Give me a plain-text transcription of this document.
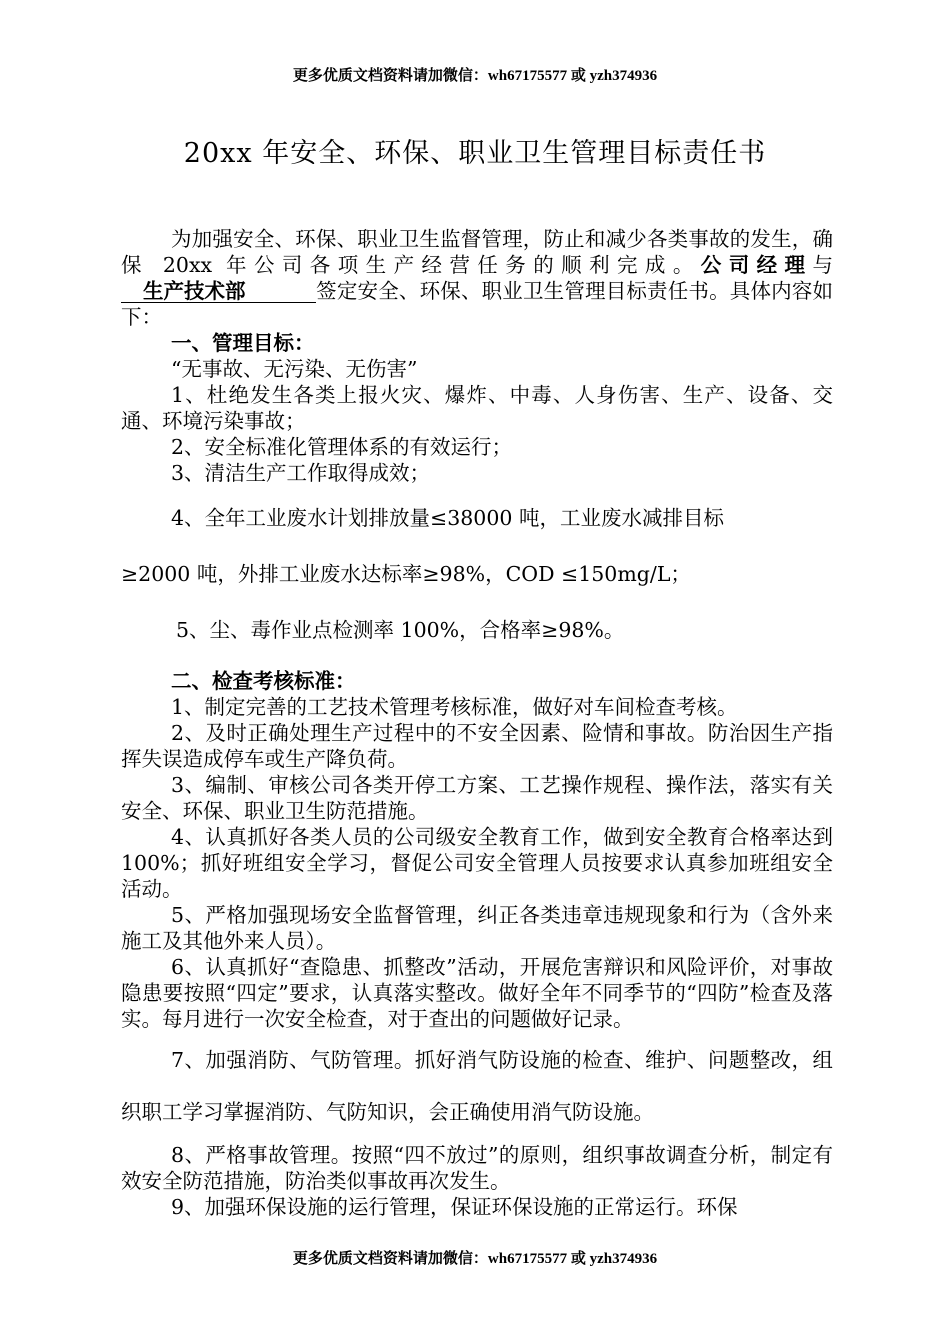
更多优质文档资料请加微信：wh67175577 或 yzh374936
20xx 年安全、环保、职业卫生管理目标责任书

为加强安全、环保、职业卫生监督管理，防止和减少各类事故的发生，确保 20xx 年公司各项生产经营任务的顺利完成。公司经理与生产技术部	签定安全、环保、职业卫生管理目标责任书。具体内容如下：

一、管理目标：

“无事故、无污染、无伤害”

1、杜绝发生各类上报火灾、爆炸、中毒、人身伤害、生产、设备、交通、环境污染事故；

2、安全标准化管理体系的有效运行；

3、清洁生产工作取得成效；

4、全年工业废水计划排放量≤38000 吨，工业废水减排目标

≥2000 吨，外排工业废水达标率≥98%，COD ≤150mg/L；

5、尘、毒作业点检测率 100%，合格率≥98%。

二、检查考核标准：

1、制定完善的工艺技术管理考核标准，做好对车间检查考核。

2、及时正确处理生产过程中的不安全因素、险情和事故。防治因生产指挥失误造成停车或生产降负荷。

3、编制、审核公司各类开停工方案、工艺操作规程、操作法，落实有关安全、环保、职业卫生防范措施。

4、认真抓好各类人员的公司级安全教育工作，做到安全教育合格率达到 100%；抓好班组安全学习，督促公司安全管理人员按要求认真参加班组安全活动。

5、严格加强现场安全监督管理，纠正各类违章违规现象和行为（含外来施工及其他外来人员）。

6、认真抓好“查隐患、抓整改”活动，开展危害辩识和风险评价，对事故隐患要按照“四定”要求，认真落实整改。做好全年不同季节的“四防”检查及落实。每月进行一次安全检查，对于查出的问题做好记录。

7、加强消防、气防管理。抓好消气防设施的检查、维护、问题整改，组织职工学习掌握消防、气防知识，会正确使用消气防设施。

8、严格事故管理。按照“四不放过”的原则，组织事故调查分析，制定有效安全防范措施，防治类似事故再次发生。

9、加强环保设施的运行管理，保证环保设施的正常运行。环保

更多优质文档资料请加微信：wh67175577 或 yzh374936
